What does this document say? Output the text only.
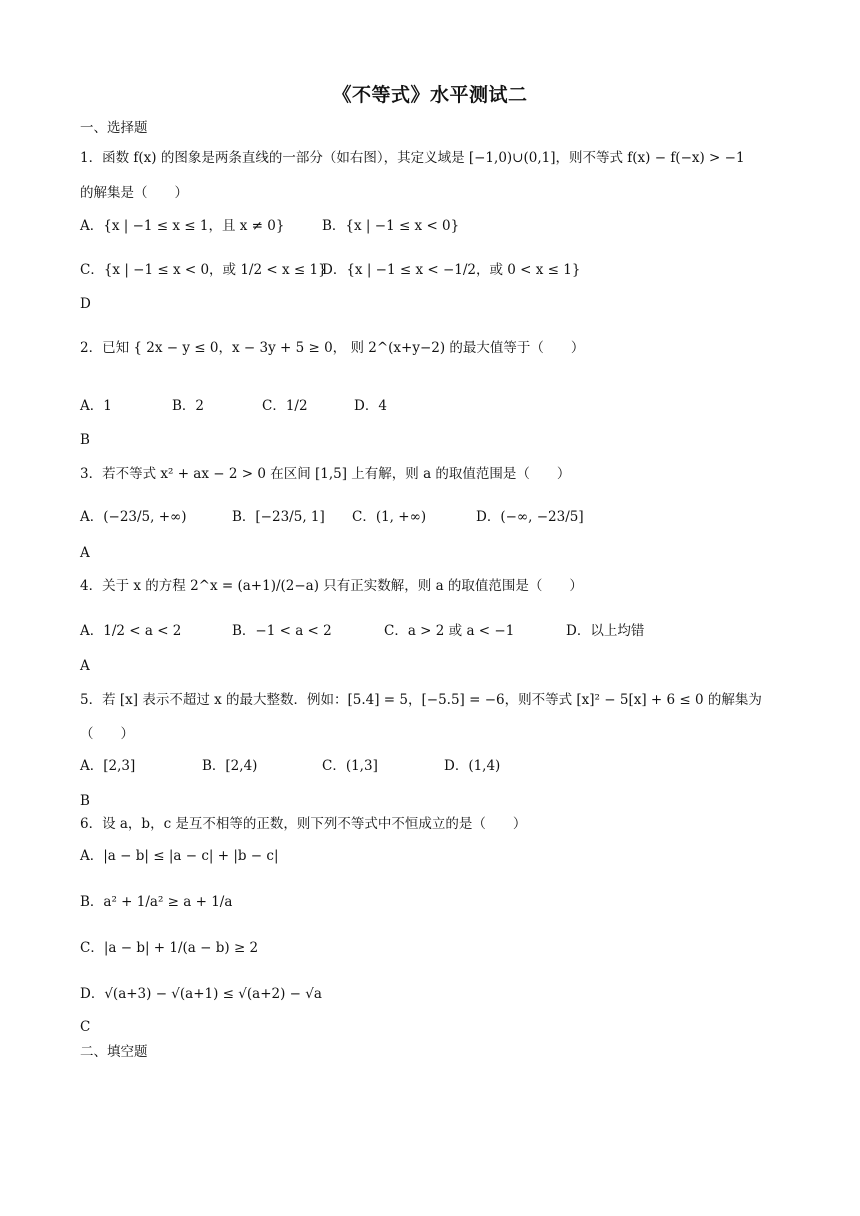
《不等式》水平测试二
一、选择题
1．函数 f(x) 的图象是两条直线的一部分（如右图），其定义域是 [−1,0)∪(0,1]，则不等式 f(x) − f(−x) > −1
的解集是（　　）
A．{x | −1 ≤ x ≤ 1，且 x ≠ 0}	B．{x | −1 ≤ x < 0}
C．{x | −1 ≤ x < 0，或 1/2 < x ≤ 1}
D．{x | −1 ≤ x < −1/2，或 0 < x ≤ 1}
D
2．已知 { 2x − y ≤ 0，x − 3y + 5 ≥ 0， 则 2^(x+y−2) 的最大值等于（　　）
A．1	B．2	C．1/2	D．4
B
3．若不等式 x² + ax − 2 > 0 在区间 [1,5] 上有解，则 a 的取值范围是（　　）
A．(−23/5, +∞)	B．[−23/5, 1] C．(1, +∞)	D．(−∞, −23/5]
A
4．关于 x 的方程 2^x = (a+1)/(2−a) 只有正实数解，则 a 的取值范围是（　　）
A．1/2 < a < 2	B．−1 < a < 2	C．a > 2 或 a < −1	D．以上均错
A
5．若 [x] 表示不超过 x 的最大整数．例如：[5.4] = 5，[−5.5] = −6，则不等式 [x]² − 5[x] + 6 ≤ 0 的解集为
（　　）
A．[2,3]	B．[2,4)	C．(1,3]	D．(1,4)
B
6．设 a，b，c 是互不相等的正数，则下列不等式中不恒成立的是（　　）
A．|a − b| ≤ |a − c| + |b − c|
B．a² + 1/a² ≥ a + 1/a
C．|a − b| + 1/(a − b) ≥ 2
D．√(a+3) − √(a+1) ≤ √(a+2) − √a
C
二、填空题
